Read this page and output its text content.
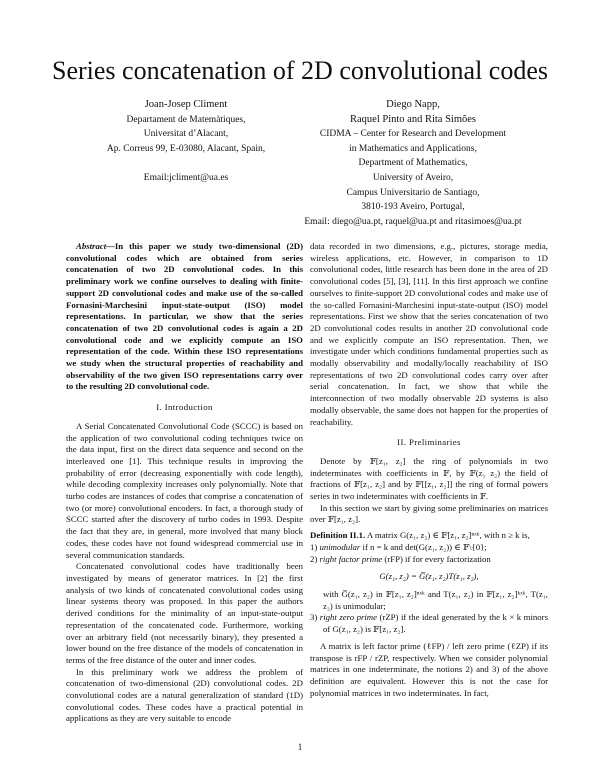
Series concatenation of 2D convolutional codes
Joan-Josep Climent
Departament de Matemàtiques,
Universitat d’Alacant,
Ap. Correus 99, E-03080, Alacant, Spain,
Email:jcliment@ua.es
Diego Napp,
Raquel Pinto and Rita Simões
CIDMA – Center for Research and Development
in Mathematics and Applications,
Department of Mathematics,
University of Aveiro,
Campus Universitario de Santiago,
3810-193 Aveiro, Portugal,
Email: diego@ua.pt, raquel@ua.pt and ritasimoes@ua.pt

Abstract—In this paper we study two-dimensional (2D) convolutional codes which are obtained from series concatenation of two 2D convolutional codes. In this preliminary work we confine ourselves to dealing with finite-support 2D convolutional codes and make use of the so-called Fornasini-Marchesini input-state-output (ISO) model representations. In particular, we show that the series concatenation of two 2D convolutional codes is again a 2D convolutional code and we explicitly compute an ISO representation of the code. Within these ISO representations we study when the structural properties of reachability and observability of the two given ISO representations carry over to the resulting 2D convolutional code.

I. Introduction

A Serial Concatenated Convolutional Code (SCCC) is based on the application of two convolutional coding techniques twice on the data input, first on the direct data sequence and second on the interleaved one [1]. This technique results in improving the probability of error (decreasing exponentially with code length), while decoding complexity increases only polynomially. Note that turbo codes are instances of codes that comprise a concatenation of two (or more) convolutional encoders. In fact, a thorough study of SCCC started after the discovery of turbo codes in 1993. Despite the fact that they are, in general, more involved that many block codes, these codes have not found widespread commercial use in several communication standards.

Concatenated convolutional codes have traditionally been investigated by means of generator matrices. In [2] the first analysis of two kinds of concatenated convolutional codes using linear systems theory was proposed. In this paper the authors derived conditions for the minimality of an input-state-output representation of the concatenated code. Furthermore, working over an arbitrary field (not necessarily binary), they presented a lower bound on the free distance of the models of concatenation in terms of the free distance of the outer and inner codes.

In this preliminary work we address the problem of concatenation of two-dimensional (2D) convolutional codes. 2D convolutional codes are a natural generalization of standard (1D) convolutional codes. These codes have a practical potential in applications as they are very suitable to encode

data recorded in two dimensions, e.g., pictures, storage media, wireless applications, etc. However, in comparison to 1D convolutional codes, little research has been done in the area of 2D convolutional codes [5], [3], [11]. In this first approach we confine ourselves to finite-support 2D convolutional codes and make use of the so-called Fornasini-Marchesini input-state-output (ISO) model representations. First we show that the series concatenation of two 2D convolutional codes results in another 2D convolutional code and we explicitly compute an ISO representation. Then, we investigate under which conditions fundamental properties such as modally observability and modally/locally reachability of ISO representations of two 2D convolutional codes carry over after serial concatenation. In fact, we show that while the interconnection of two modally observable 2D systems is also modally observable, the same does not happen for the properties of reachability.

II. Preliminaries

Denote by 𝔽[z₁, z₂] the ring of polynomials in two indeterminates with coefficients in 𝔽, by 𝔽(z₁ z₂) the field of fractions of 𝔽[z₁, z₂] and by 𝔽[[z₁, z₂]] the ring of formal powers series in two indeterminates with coefficients in 𝔽.

In this section we start by giving some preliminaries on matrices over 𝔽[z₁, z₂].

Definition II.1. A matrix G(z₁, z₂) ∈ 𝔽[z₁, z₂]ⁿˣᵏ, with n ≥ k is,

1) unimodular if n = k and det(G(z₁, z₂)) ∈ 𝔽\{0};

2) right factor prime (rFP) if for every factorization

G(z₁, z₂) = G̅(z₁, z₂)T(z₁, z₂),

with G̅(z₁, z₂) in 𝔽[z₁, z₂]ⁿˣᵏ and T(z₁, z₂) in 𝔽[z₁, z₂]ᵏˣᵏ, T(z₁, z₂) is unimodular;

3) right zero prime (rZP) if the ideal generated by the k × k minors of G(z₁, z₂) is 𝔽[z₁, z₂].

A matrix is left factor prime (ℓFP) / left zero prime (ℓZP) if its transpose is rFP / rZP, respectively. When we consider polynomial matrices in one indeterminate, the notions 2) and 3) of the above definition are equivalent. However this is not the case for polynomial matrices in two indeterminates. In fact,

1
